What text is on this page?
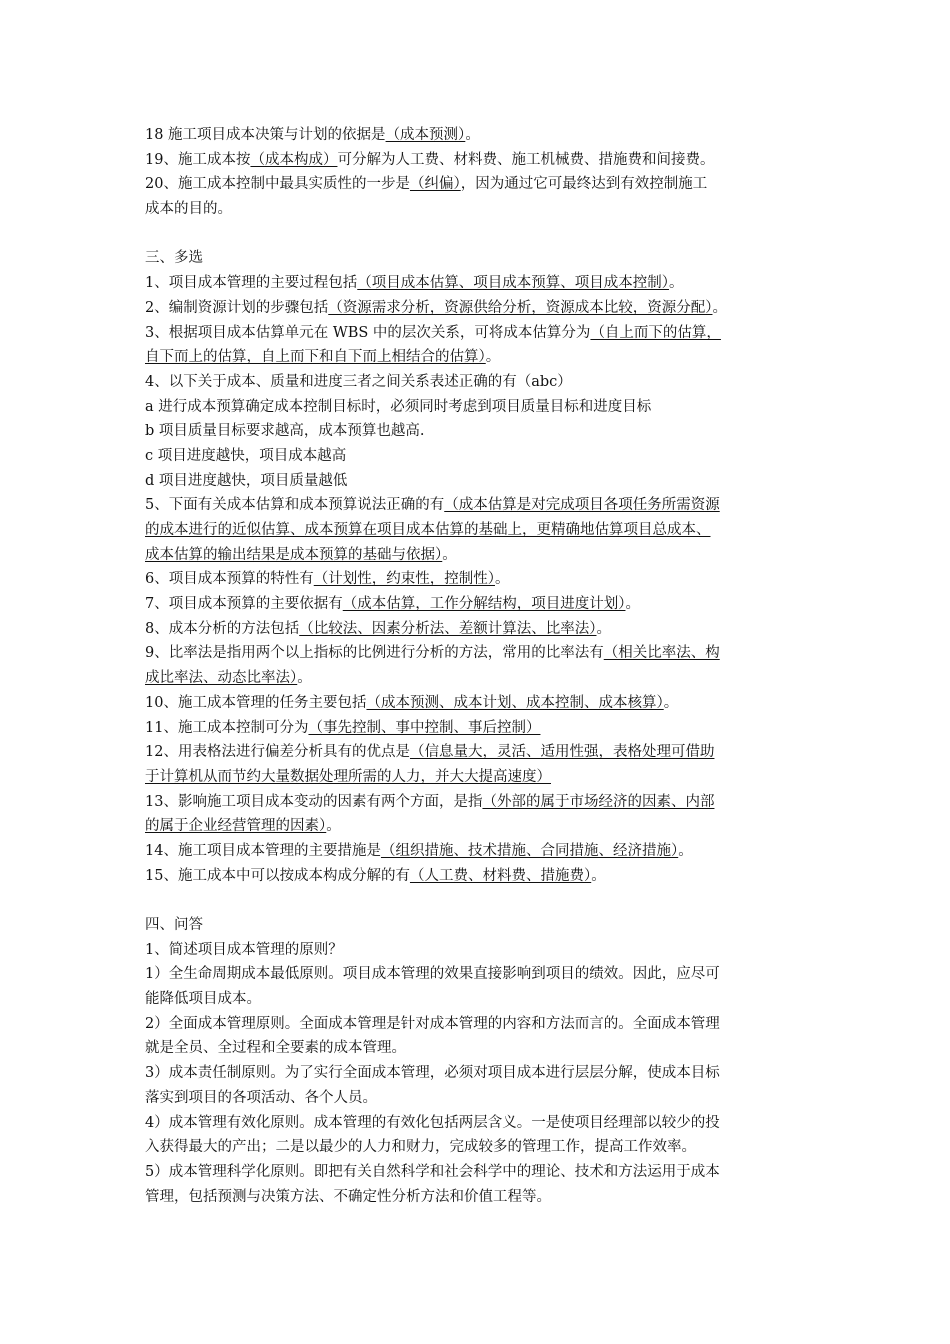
18 施工项目成本决策与计划的依据是（成本预测）。
19、施工成本按（成本构成）可分解为人工费、材料费、施工机械费、措施费和间接费。
20、施工成本控制中最具实质性的一步是（纠偏），因为通过它可最终达到有效控制施工
成本的目的。
三、多选
1、项目成本管理的主要过程包括（项目成本估算、项目成本预算、项目成本控制）。
2、编制资源计划的步骤包括（资源需求分析，资源供给分析，资源成本比较，资源分配）。
3、根据项目成本估算单元在 WBS 中的层次关系，可将成本估算分为（自上而下的估算，
自下而上的估算，自上而下和自下而上相结合的估算）。
4、以下关于成本、质量和进度三者之间关系表述正确的有（abc）
a 进行成本预算确定成本控制目标时，必须同时考虑到项目质量目标和进度目标
b 项目质量目标要求越高，成本预算也越高.
c 项目进度越快，项目成本越高
d 项目进度越快，项目质量越低
5、下面有关成本估算和成本预算说法正确的有（成本估算是对完成项目各项任务所需资源
的成本进行的近似估算、成本预算在项目成本估算的基础上，更精确地估算项目总成本、
成本估算的输出结果是成本预算的基础与依据）。
6、项目成本预算的特性有（计划性，约束性，控制性）。
7、项目成本预算的主要依据有（成本估算，工作分解结构，项目进度计划）。
8、成本分析的方法包括（比较法、因素分析法、差额计算法、比率法）。
9、比率法是指用两个以上指标的比例进行分析的方法，常用的比率法有（相关比率法、构
成比率法、动态比率法）。
10、施工成本管理的任务主要包括（成本预测、成本计划、成本控制、成本核算）。
11、施工成本控制可分为（事先控制、事中控制、事后控制）
12、用表格法进行偏差分析具有的优点是（信息量大，灵活、适用性强，表格处理可借助
于计算机从而节约大量数据处理所需的人力，并大大提高速度）
13、影响施工项目成本变动的因素有两个方面，是指（外部的属于市场经济的因素、内部
的属于企业经营管理的因素）。
14、施工项目成本管理的主要措施是（组织措施、技术措施、合同措施、经济措施）。
15、施工成本中可以按成本构成分解的有（人工费、材料费、措施费）。
四、问答
1、简述项目成本管理的原则？
1）全生命周期成本最低原则。项目成本管理的效果直接影响到项目的绩效。因此，应尽可
能降低项目成本。
2）全面成本管理原则。全面成本管理是针对成本管理的内容和方法而言的。全面成本管理
就是全员、全过程和全要素的成本管理。
3）成本责任制原则。为了实行全面成本管理，必须对项目成本进行层层分解，使成本目标
落实到项目的各项活动、各个人员。
4）成本管理有效化原则。成本管理的有效化包括两层含义。一是使项目经理部以较少的投
入获得最大的产出；二是以最少的人力和财力，完成较多的管理工作，提高工作效率。
5）成本管理科学化原则。即把有关自然科学和社会科学中的理论、技术和方法运用于成本
管理，包括预测与决策方法、不确定性分析方法和价值工程等。
